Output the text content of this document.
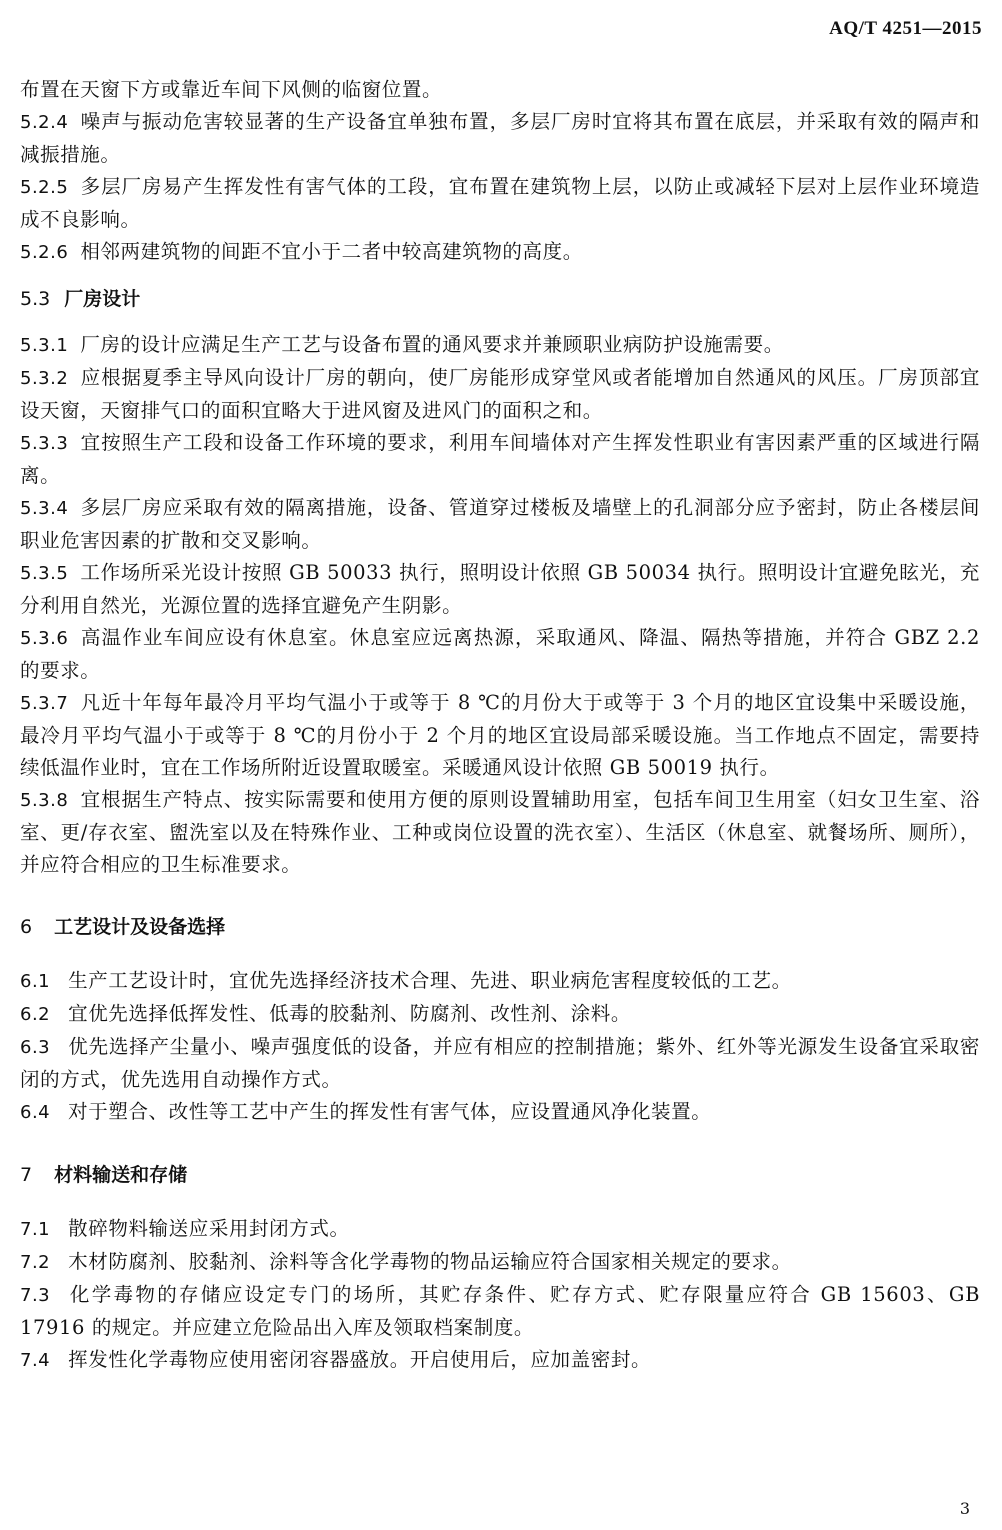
AQ/T 4251—2015

布置在天窗下方或靠近车间下风侧的临窗位置。

5.2.4 噪声与振动危害较显著的生产设备宜单独布置，多层厂房时宜将其布置在底层，并采取有效的隔声和减振措施。

5.2.5 多层厂房易产生挥发性有害气体的工段，宜布置在建筑物上层，以防止或减轻下层对上层作业环境造成不良影响。

5.2.6 相邻两建筑物的间距不宜小于二者中较高建筑物的高度。

5.3 厂房设计

5.3.1 厂房的设计应满足生产工艺与设备布置的通风要求并兼顾职业病防护设施需要。

5.3.2 应根据夏季主导风向设计厂房的朝向，使厂房能形成穿堂风或者能增加自然通风的风压。厂房顶部宜设天窗，天窗排气口的面积宜略大于进风窗及进风门的面积之和。

5.3.3 宜按照生产工段和设备工作环境的要求，利用车间墙体对产生挥发性职业有害因素严重的区域进行隔离。

5.3.4 多层厂房应采取有效的隔离措施，设备、管道穿过楼板及墙壁上的孔洞部分应予密封，防止各楼层间职业危害因素的扩散和交叉影响。

5.3.5 工作场所采光设计按照 GB 50033 执行，照明设计依照 GB 50034 执行。照明设计宜避免眩光，充分利用自然光，光源位置的选择宜避免产生阴影。

5.3.6 高温作业车间应设有休息室。休息室应远离热源，采取通风、降温、隔热等措施，并符合 GBZ 2.2 的要求。

5.3.7 凡近十年每年最冷月平均气温小于或等于 8 ℃的月份大于或等于 3 个月的地区宜设集中采暖设施，最冷月平均气温小于或等于 8 ℃的月份小于 2 个月的地区宜设局部采暖设施。当工作地点不固定，需要持续低温作业时，宜在工作场所附近设置取暖室。采暖通风设计依照 GB 50019 执行。

5.3.8 宜根据生产特点、按实际需要和使用方便的原则设置辅助用室，包括车间卫生用室（妇女卫生室、浴室、更/存衣室、盥洗室以及在特殊作业、工种或岗位设置的洗衣室）、生活区（休息室、就餐场所、厕所），并应符合相应的卫生标准要求。

6 工艺设计及设备选择

6.1 生产工艺设计时，宜优先选择经济技术合理、先进、职业病危害程度较低的工艺。

6.2 宜优先选择低挥发性、低毒的胶黏剂、防腐剂、改性剂、涂料。

6.3 优先选择产尘量小、噪声强度低的设备，并应有相应的控制措施；紫外、红外等光源发生设备宜采取密闭的方式，优先选用自动操作方式。

6.4 对于塑合、改性等工艺中产生的挥发性有害气体，应设置通风净化装置。

7 材料输送和存储

7.1 散碎物料输送应采用封闭方式。

7.2 木材防腐剂、胶黏剂、涂料等含化学毒物的物品运输应符合国家相关规定的要求。

7.3 化学毒物的存储应设定专门的场所，其贮存条件、贮存方式、贮存限量应符合 GB 15603、GB 17916 的规定。并应建立危险品出入库及领取档案制度。

7.4 挥发性化学毒物应使用密闭容器盛放。开启使用后，应加盖密封。

3
